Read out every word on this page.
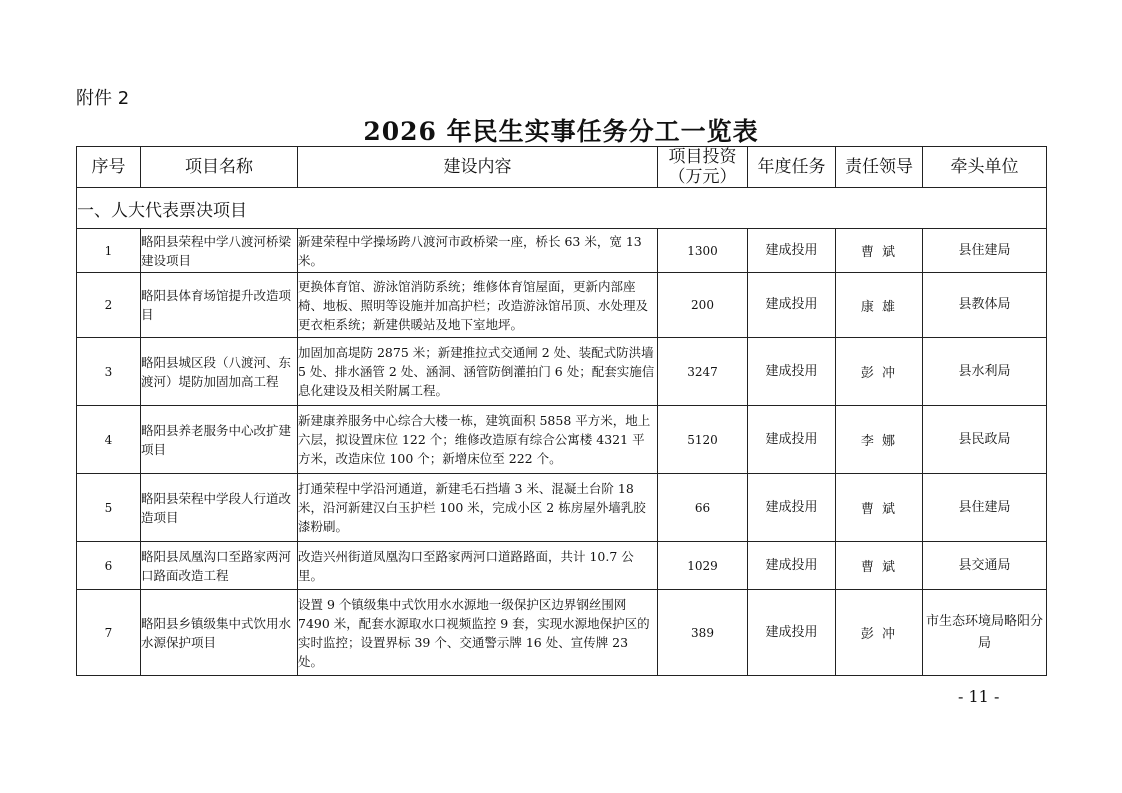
附件 2
2026 年民生实事任务分工一览表
序号	项目名称	建设内容	项目投资（万元）	年度任务	责任领导	牵头单位
一、人大代表票决项目						
1	略阳县荣程中学八渡河桥梁建设项目	新建荣程中学操场跨八渡河市政桥梁一座，桥长 63 米，宽 13 米。	1300	建成投用	曹 斌	县住建局
2	略阳县体育场馆提升改造项目	更换体育馆、游泳馆消防系统；维修体育馆屋面，更新内部座椅、地板、照明等设施并加高护栏；改造游泳馆吊顶、水处理及更衣柜系统；新建供暖站及地下室地坪。	200	建成投用	康 雄	县教体局
3	略阳县城区段（八渡河、东渡河）堤防加固加高工程	加固加高堤防 2875 米；新建推拉式交通闸 2 处、装配式防洪墙 5 处、排水涵管 2 处、涵洞、涵管防倒灌拍门 6 处；配套实施信息化建设及相关附属工程。	3247	建成投用	彭 冲	县水利局
4	略阳县养老服务中心改扩建项目	新建康养服务中心综合大楼一栋，建筑面积 5858 平方米，地上六层，拟设置床位 122 个；维修改造原有综合公寓楼 4321 平方米，改造床位 100 个；新增床位至 222 个。	5120	建成投用	李 娜	县民政局
5	略阳县荣程中学段人行道改造项目	打通荣程中学沿河通道，新建毛石挡墙 3 米、混凝土台阶 18 米，沿河新建汉白玉护栏 100 米，完成小区 2 栋房屋外墙乳胶漆粉刷。	66	建成投用	曹 斌	县住建局
6	略阳县凤凰沟口至路家两河口路面改造工程	改造兴州街道凤凰沟口至路家两河口道路路面，共计 10.7 公里。	1029	建成投用	曹 斌	县交通局
7	略阳县乡镇级集中式饮用水水源保护项目	设置 9 个镇级集中式饮用水水源地一级保护区边界钢丝围网 7490 米，配套水源取水口视频监控 9 套，实现水源地保护区的实时监控；设置界标 39 个、交通警示牌 16 处、宣传牌 23 处。	389	建成投用	彭 冲	市生态环境局略阳分局
- 11 -
